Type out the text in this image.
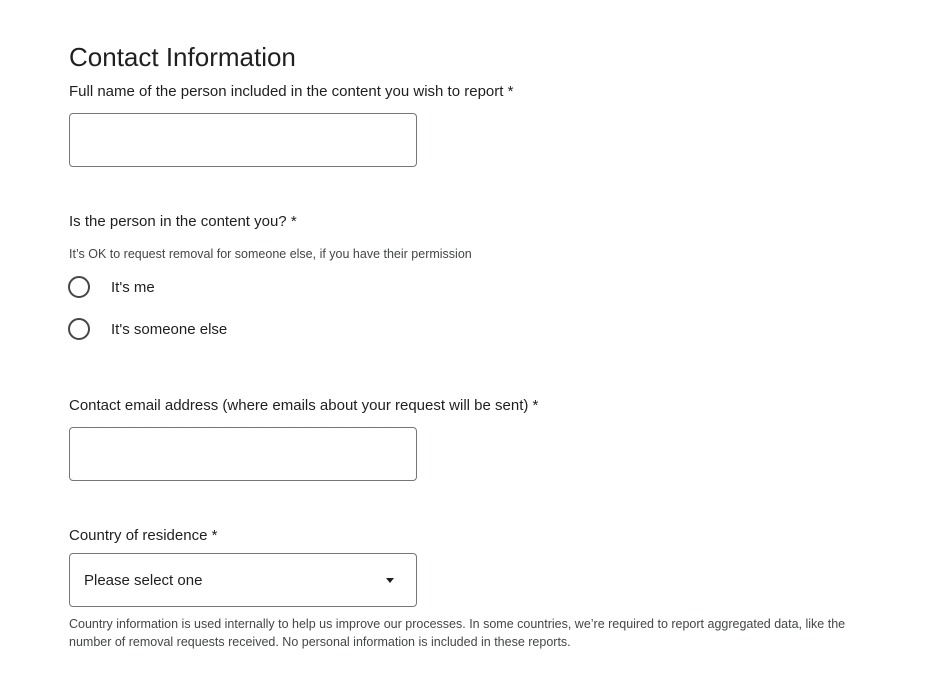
Contact Information
Full name of the person included in the content you wish to report *
Is the person in the content you? *
It’s OK to request removal for someone else, if you have their permission
It's me
It's someone else
Contact email address (where emails about your request will be sent) *
Country of residence *
Please select one
Country information is used internally to help us improve our processes. In some countries, we’re required to report aggregated data, like the number of removal requests received. No personal information is included in these reports.
